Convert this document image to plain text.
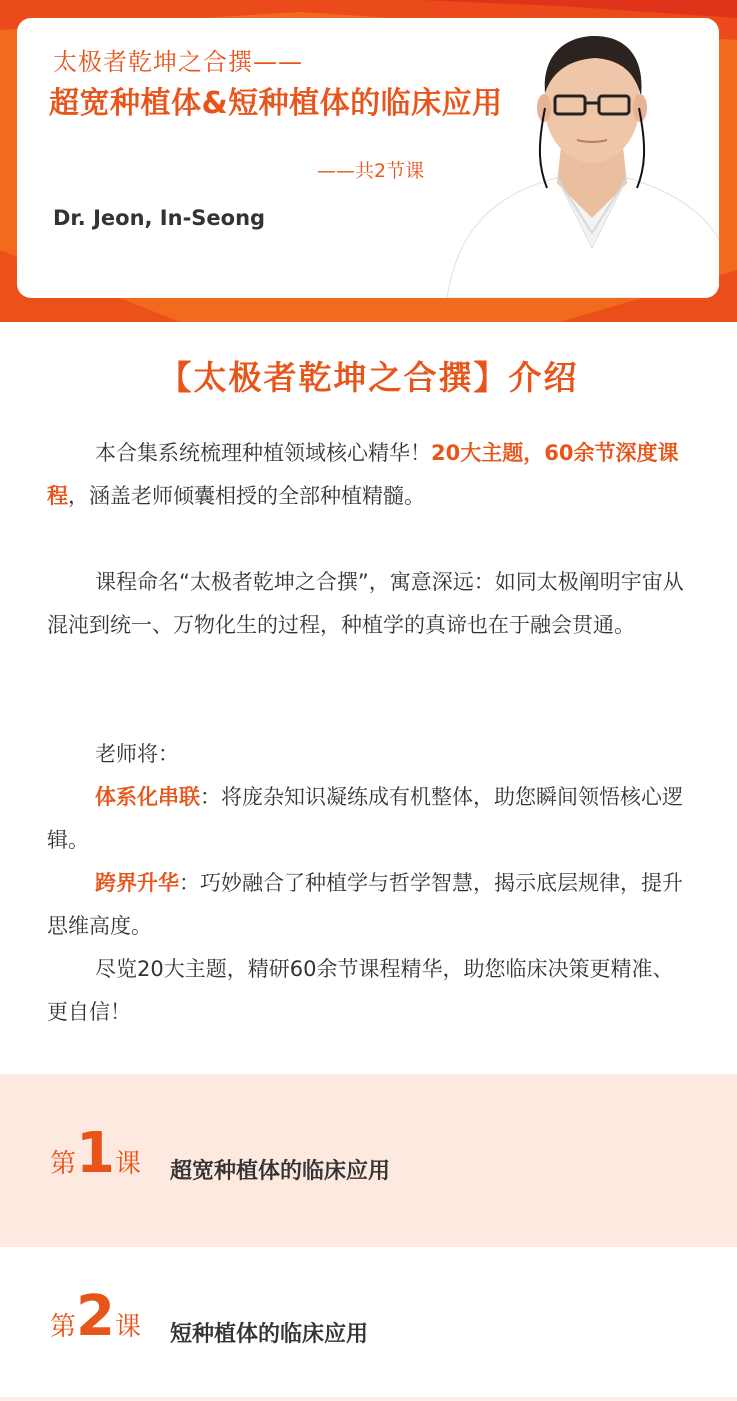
太极者乾坤之合撰——
超宽种植体&短种植体的临床应用
——共2节课
Dr. Jeon, In-Seong
【太极者乾坤之合撰】介绍
本合集系统梳理种植领域核心精华！20大主题，60余节深度课程，涵盖老师倾囊相授的全部种植精髓。
课程命名“太极者乾坤之合撰”，寓意深远：如同太极阐明宇宙从混沌到统一、万物化生的过程，种植学的真谛也在于融会贯通。
老师将：
体系化串联：将庞杂知识凝练成有机整体，助您瞬间领悟核心逻辑。
跨界升华：巧妙融合了种植学与哲学智慧，揭示底层规律，提升思维高度。
尽览20大主题，精研60余节课程精华，助您临床决策更精准、更自信！
第1课 超宽种植体的临床应用
第2课 短种植体的临床应用
